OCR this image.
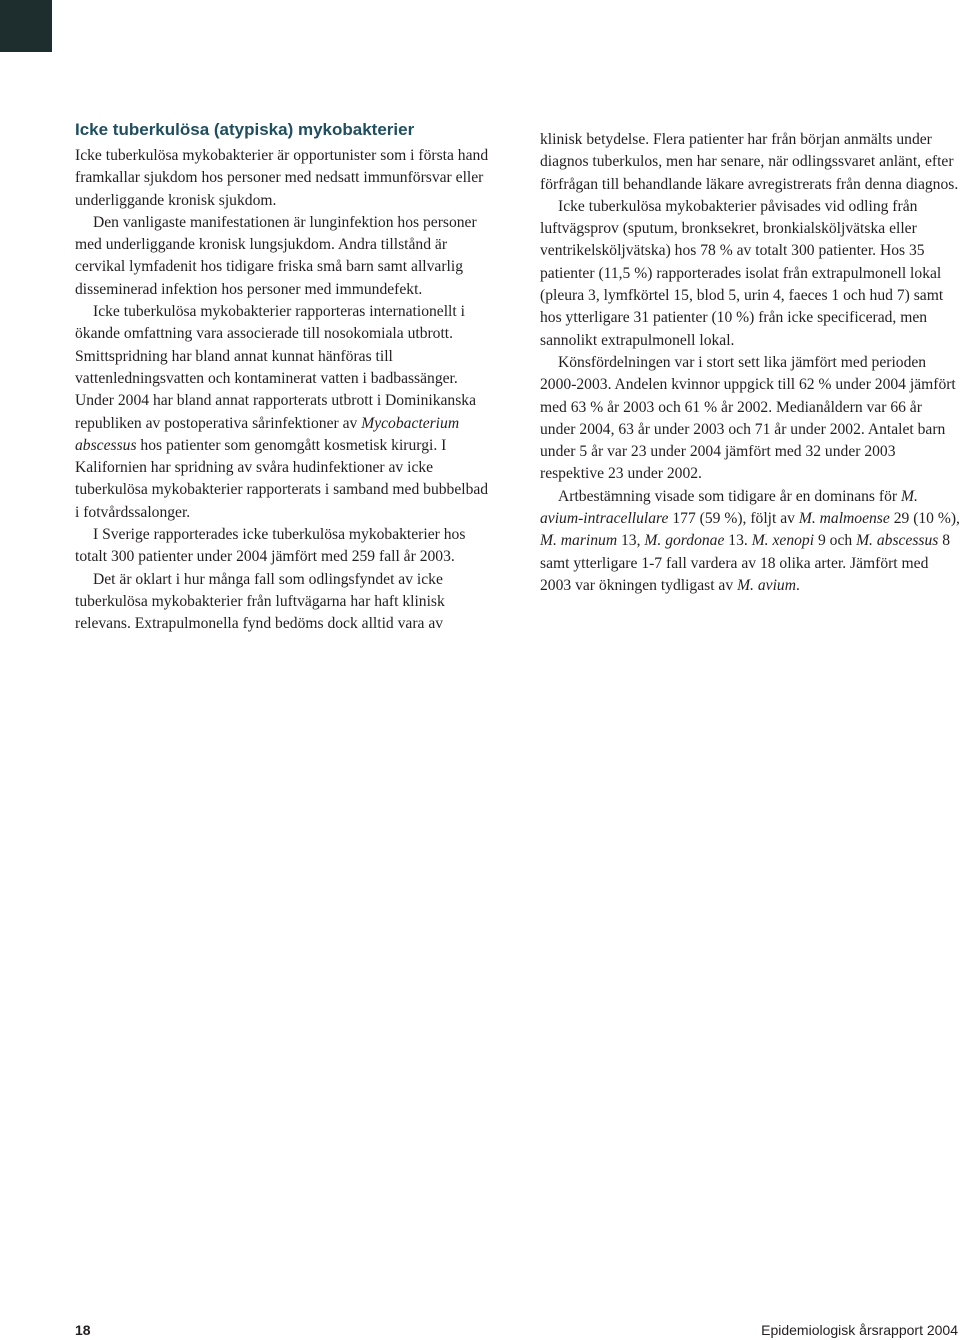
Icke tuberkulösa (atypiska) mykobakterier

Icke tuberkulösa mykobakterier är opportunister som i första hand framkallar sjukdom hos personer med nedsatt immunförsvar eller underliggande kronisk sjukdom.

Den vanligaste manifestationen är lunginfektion hos personer med underliggande kronisk lungsjukdom. Andra tillstånd är cervikal lymfadenit hos tidigare friska små barn samt allvarlig disseminerad infektion hos personer med immundefekt.

Icke tuberkulösa mykobakterier rapporteras internationellt i ökande omfattning vara associerade till nosokomiala utbrott. Smittspridning har bland annat kunnat hänföras till vattenledningsvatten och kontaminerat vatten i badbassänger. Under 2004 har bland annat rapporterats utbrott i Dominikanska republiken av postoperativa sårinfektioner av Mycobacterium abscessus hos patienter som genomgått kosmetisk kirurgi. I Kalifornien har spridning av svåra hudinfektioner av icke tuberkulösa mykobakterier rapporterats i samband med bubbelbad i fotvårdssalonger.

I Sverige rapporterades icke tuberkulösa mykobakterier hos totalt 300 patienter under 2004 jämfört med 259 fall år 2003.

Det är oklart i hur många fall som odlingsfyndet av icke tuberkulösa mykobakterier från luftvägarna har haft klinisk relevans. Extrapulmonella fynd bedöms dock alltid vara av

klinisk betydelse. Flera patienter har från början anmälts under diagnos tuberkulos, men har senare, när odlingssvaret anlänt, efter förfrågan till behandlande läkare avregistrerats från denna diagnos.

Icke tuberkulösa mykobakterier påvisades vid odling från luftvägsprov (sputum, bronksekret, bronkialsköljvätska eller ventrikelsköljvätska) hos 78 % av totalt 300 patienter. Hos 35 patienter (11,5 %) rapporterades isolat från extrapulmonell lokal (pleura 3, lymfkörtel 15, blod 5, urin 4, faeces 1 och hud 7) samt hos ytterligare 31 patienter (10 %) från icke specificerad, men sannolikt extrapulmonell lokal.

Könsfördelningen var i stort sett lika jämfört med perioden 2000-2003. Andelen kvinnor uppgick till 62 % under 2004 jämfört med 63 % år 2003 och 61 % år 2002. Medianåldern var 66 år under 2004, 63 år under 2003 och 71 år under 2002. Antalet barn under 5 år var 23 under 2004 jämfört med 32 under 2003 respektive 23 under 2002.

Artbestämning visade som tidigare år en dominans för M. avium-intracellulare 177 (59 %), följt av M. malmoense 29 (10 %), M. marinum 13, M. gordonae 13. M. xenopi 9 och M. abscessus 8 samt ytterligare 1-7 fall vardera av 18 olika arter. Jämfört med 2003 var ökningen tydligast av M. avium.

18	Epidemiologisk årsrapport 2004
